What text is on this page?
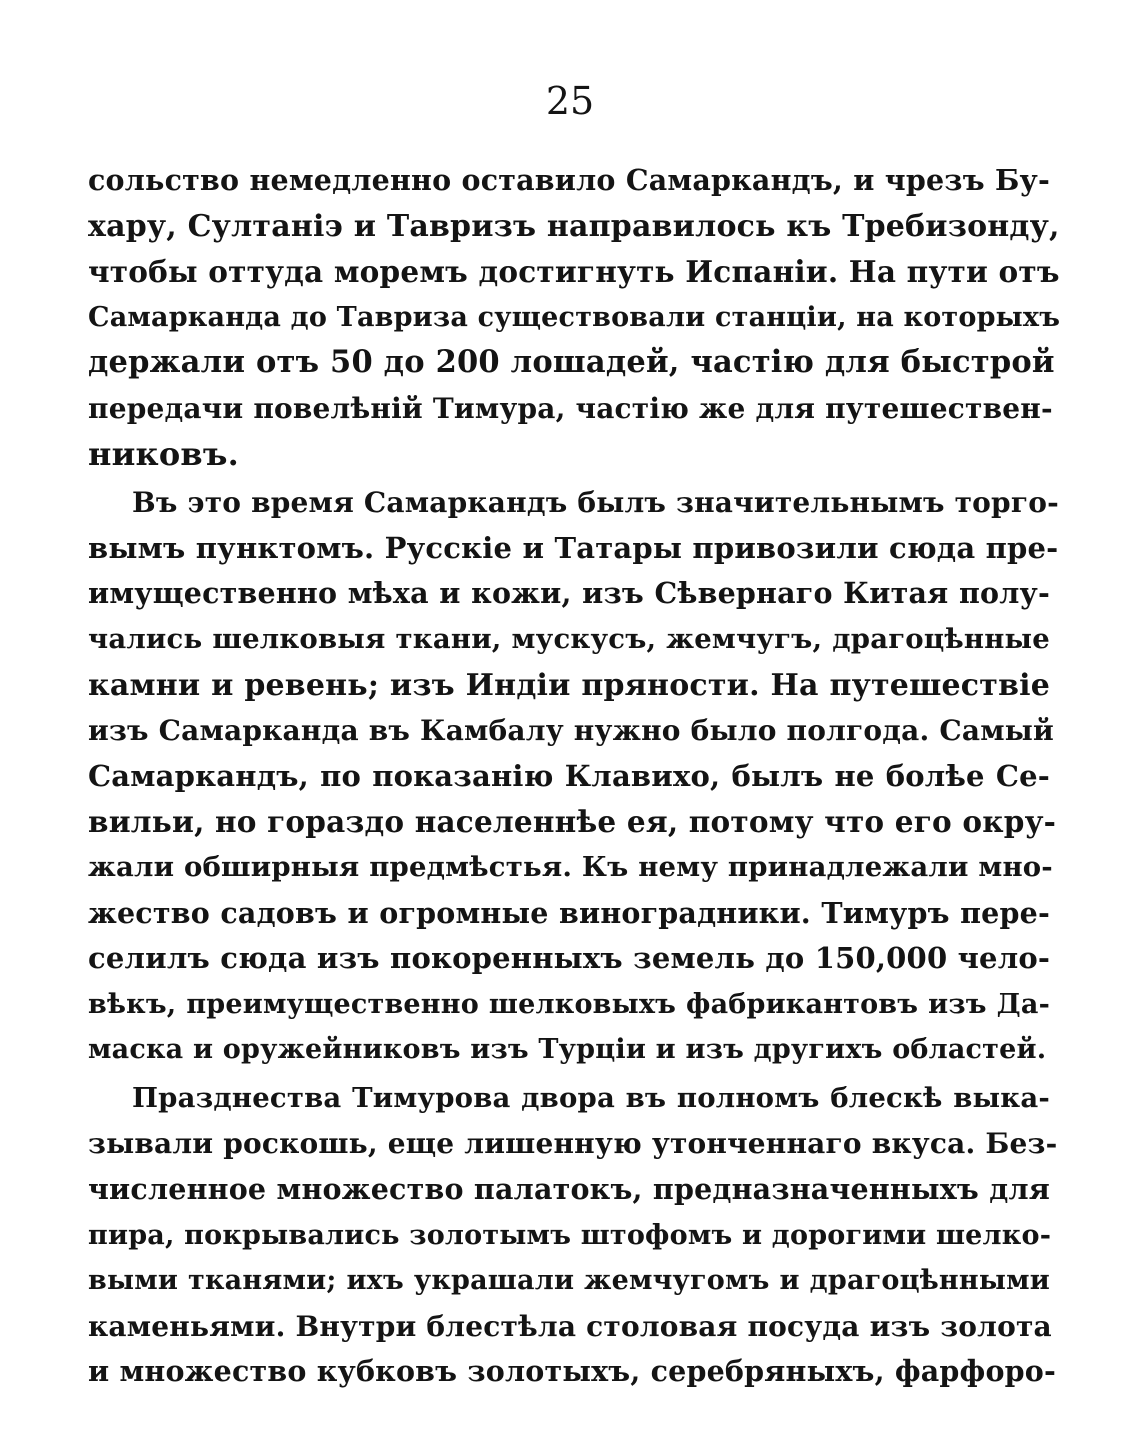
25
сольство немедленно оставило Самаркандъ, и чрезъ Бу-
хару, Султаніэ и Тавризъ направилось къ Требизонду,
чтобы оттуда моремъ достигнуть Испаніи. На пути отъ
Самарканда до Тавриза существовали станціи, на которыхъ
держали отъ 50 до 200 лошадей, частію для быстрой
передачи повелѣній Тимура, частію же для путешествен-
никовъ.
Въ это время Самаркандъ былъ значительнымъ торго-
вымъ пунктомъ. Русскіе и Татары привозили сюда пре-
имущественно мѣха и кожи, изъ Сѣвернаго Китая полу-
чались шелковыя ткани, мускусъ, жемчугъ, драгоцѣнные
камни и ревень; изъ Индіи пряности. На путешествіе
изъ Самарканда въ Камбалу нужно было полгода. Самый
Самаркандъ, по показанію Клавихо, былъ не болѣе Се-
вильи, но гораздо населеннѣе ея, потому что его окру-
жали обширныя предмѣстья. Къ нему принадлежали мно-
жество садовъ и огромные виноградники. Тимуръ пере-
селилъ сюда изъ покоренныхъ земель до 150,000 чело-
вѣкъ, преимущественно шелковыхъ фабрикантовъ изъ Да-
маска и оружейниковъ изъ Турціи и изъ другихъ областей.
Празднества Тимурова двора въ полномъ блескѣ выка-
зывали роскошь, еще лишенную утонченнаго вкуса. Без-
численное множество палатокъ, предназначенныхъ для
пира, покрывались золотымъ штофомъ и дорогими шелко-
выми тканями; ихъ украшали жемчугомъ и драгоцѣнными
каменьями. Внутри блестѣла столовая посуда изъ золота
и множество кубковъ золотыхъ, серебряныхъ, фарфоро-
